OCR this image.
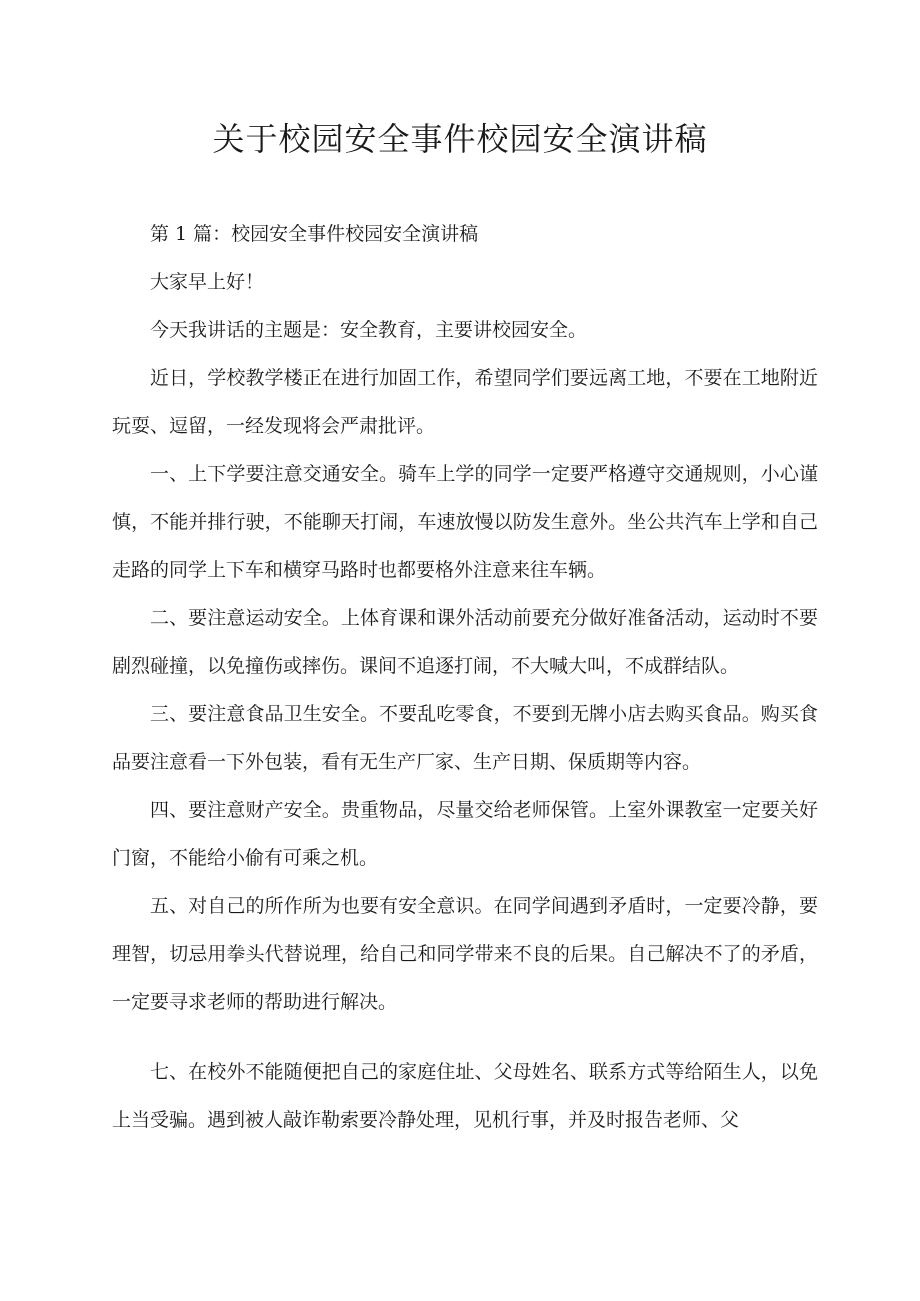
关于校园安全事件校园安全演讲稿

第 1 篇：校园安全事件校园安全演讲稿

大家早上好！

今天我讲话的主题是：安全教育，主要讲校园安全。

近日，学校教学楼正在进行加固工作，希望同学们要远离工地，不要在工地附近玩耍、逗留，一经发现将会严肃批评。

一、上下学要注意交通安全。骑车上学的同学一定要严格遵守交通规则，小心谨慎，不能并排行驶，不能聊天打闹，车速放慢以防发生意外。坐公共汽车上学和自己走路的同学上下车和横穿马路时也都要格外注意来往车辆。

二、要注意运动安全。上体育课和课外活动前要充分做好准备活动，运动时不要剧烈碰撞，以免撞伤或摔伤。课间不追逐打闹，不大喊大叫，不成群结队。

三、要注意食品卫生安全。不要乱吃零食，不要到无牌小店去购买食品。购买食品要注意看一下外包装，看有无生产厂家、生产日期、保质期等内容。

四、要注意财产安全。贵重物品，尽量交给老师保管。上室外课教室一定要关好门窗，不能给小偷有可乘之机。

五、对自己的所作所为也要有安全意识。在同学间遇到矛盾时，一定要冷静，要理智，切忌用拳头代替说理，给自己和同学带来不良的后果。自己解决不了的矛盾，一定要寻求老师的帮助进行解决。

七、在校外不能随便把自己的家庭住址、父母姓名、联系方式等给陌生人，以免上当受骗。遇到被人敲诈勒索要冷静处理，见机行事，并及时报告老师、父
